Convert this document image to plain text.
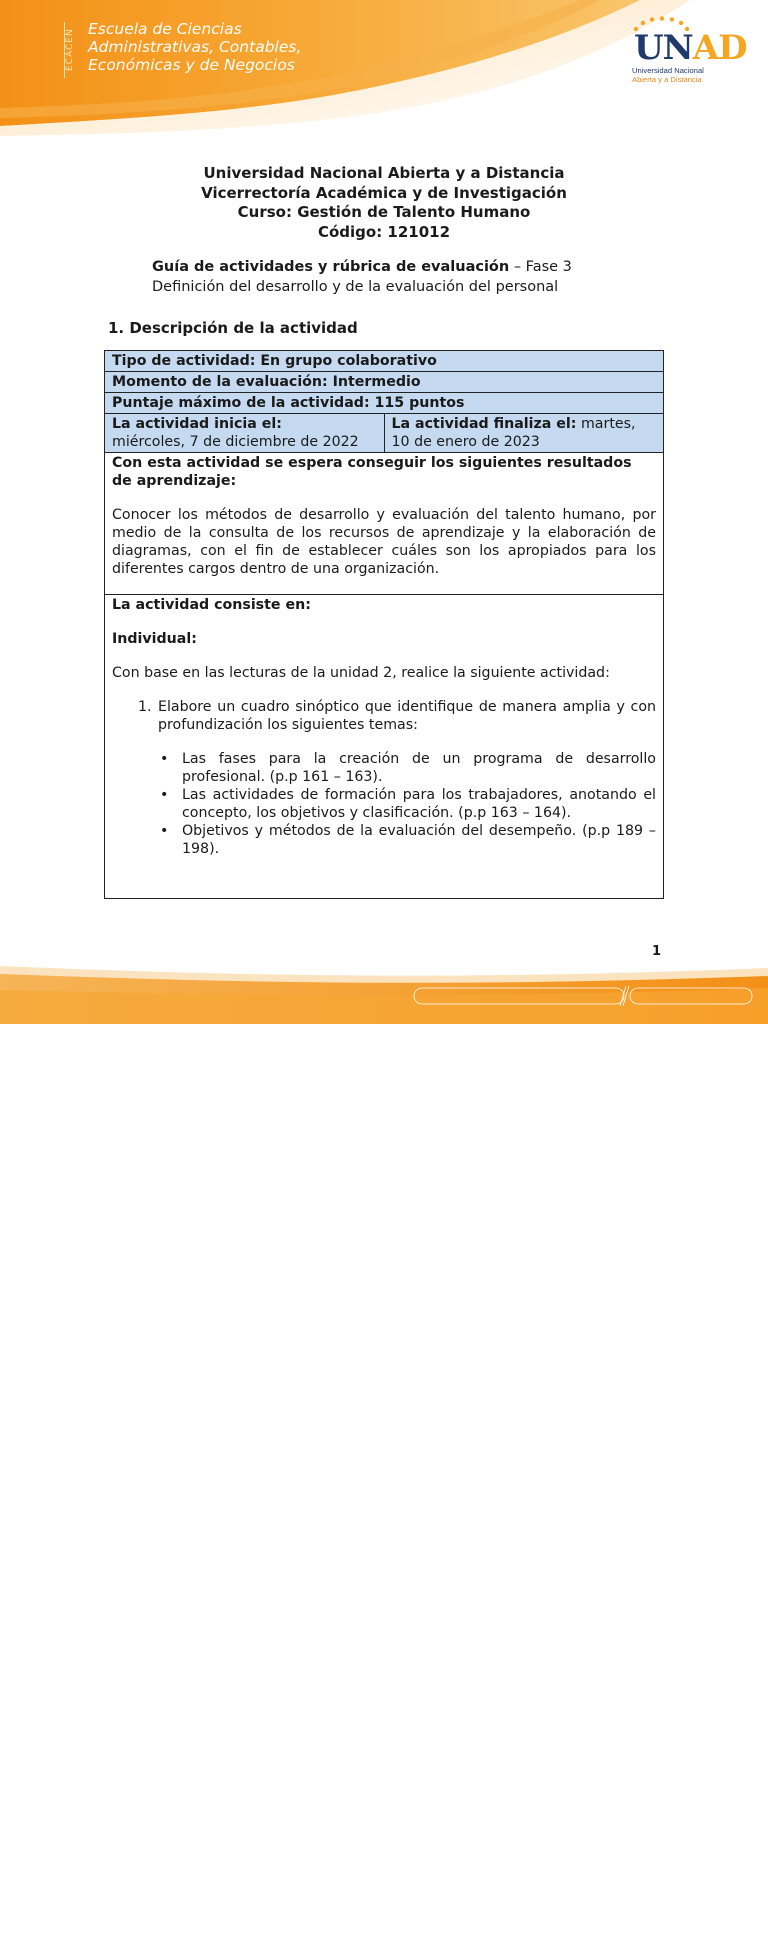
ECACEN Escuela de Ciencias
Administrativas, Contables,
Económicas y de Negocios	UNAD
Universidad Nacional
Abierta y a Distancia
Universidad Nacional Abierta y a Distancia
Vicerrectoría Académica y de Investigación
Curso: Gestión de Talento Humano
Código: 121012
Guía de actividades y rúbrica de evaluación – Fase 3
Definición del desarrollo y de la evaluación del personal
1. Descripción de la actividad
Tipo de actividad: En grupo colaborativo
Momento de la evaluación: Intermedio
Puntaje máximo de la actividad: 115 puntos

La actividad inicia el:
miércoles, 7 de diciembre de 2022
	La actividad finaliza el: martes, 10 de enero de 2023

Con esta actividad se espera conseguir los siguientes resultados de aprendizaje:

Conocer los métodos de desarrollo y evaluación del talento humano, por medio de la consulta de los recursos de aprendizaje y la elaboración de diagramas, con el fin de establecer cuáles son los apropiados para los diferentes cargos dentro de una organización.

La actividad consiste en:

Individual:

Con base en las lecturas de la unidad 2, realice la siguiente actividad:

1. Elabore un cuadro sinóptico que identifique de manera amplia y con profundización los siguientes temas:
• Las fases para la creación de un programa de desarrollo profesional. (p.p 161 – 163).
• Las actividades de formación para los trabajadores, anotando el concepto, los objetivos y clasificación. (p.p 163 – 164).
• Objetivos y métodos de la evaluación del desempeño. (p.p 189 – 198).
1
Prohibida su reproducción y copia sin autorización de la UNAD.	UNAD © 2020 derechos reservados.
